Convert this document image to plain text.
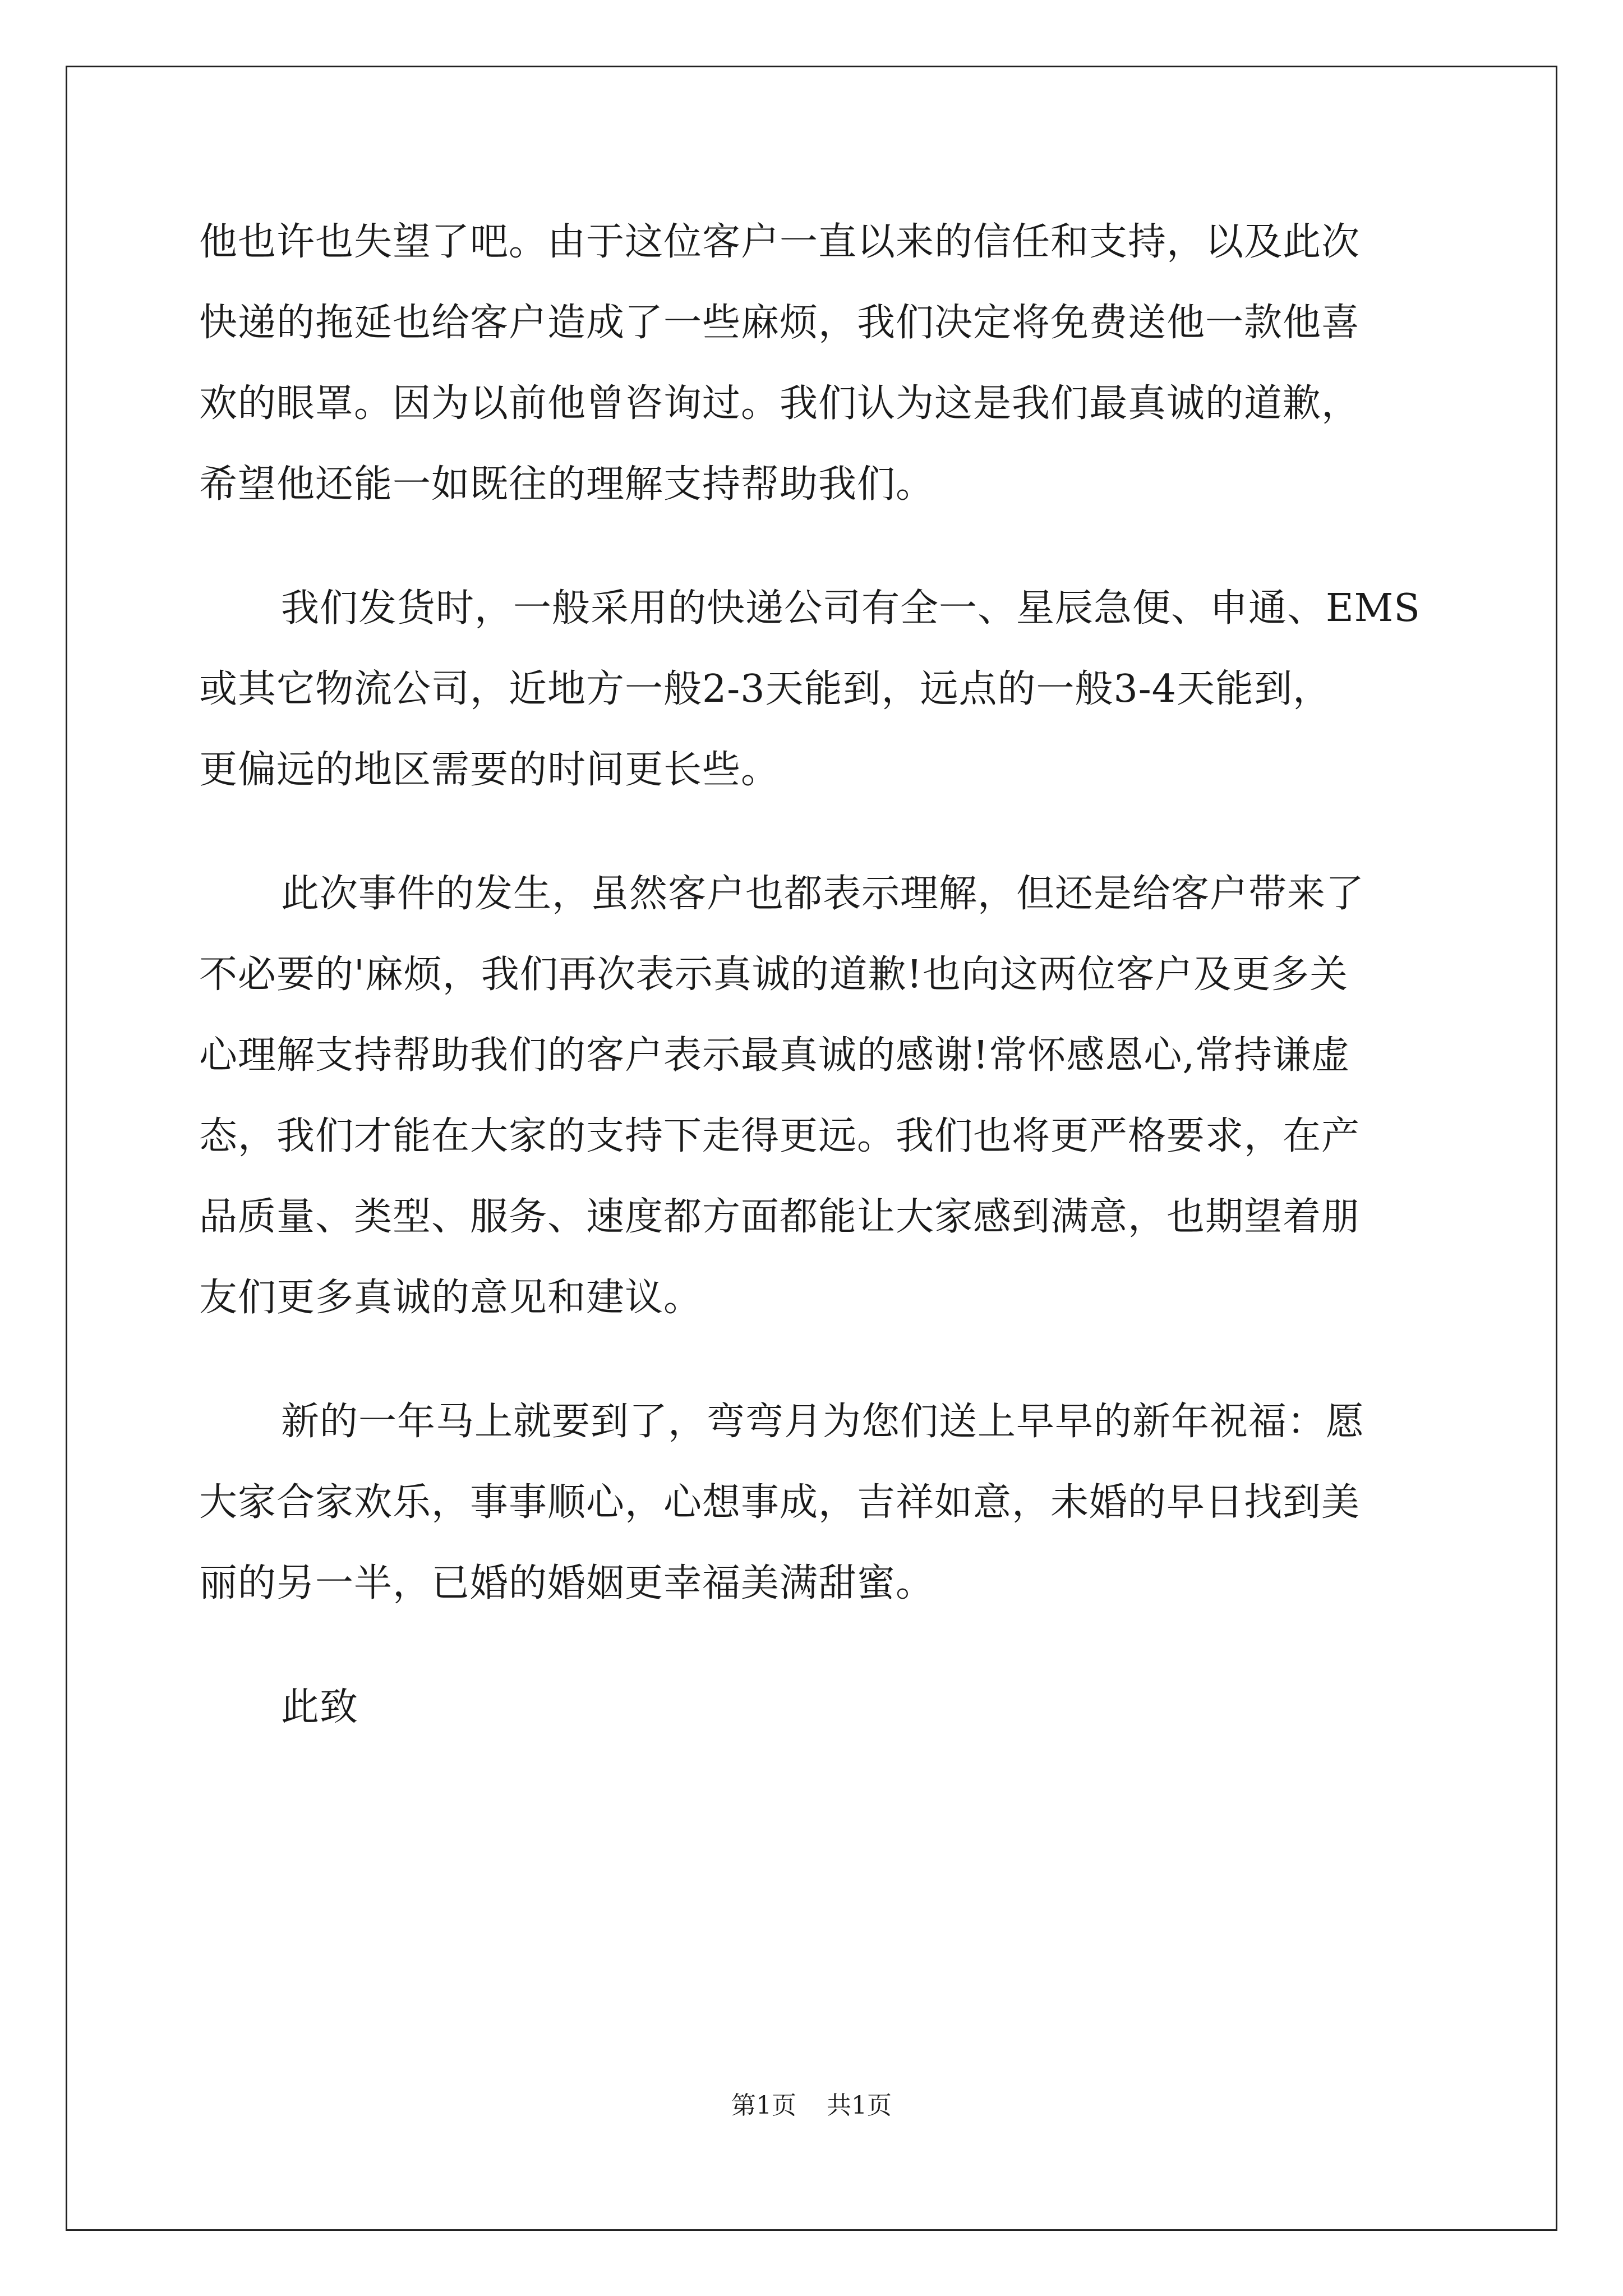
他也许也失望了吧。由于这位客户一直以来的信任和支持，以及此次
快递的拖延也给客户造成了一些麻烦，我们决定将免费送他一款他喜
欢的眼罩。因为以前他曾咨询过。我们认为这是我们最真诚的道歉，
希望他还能一如既往的理解支持帮助我们。
我们发货时，一般采用的快递公司有全一、星辰急便、申通、EMS
或其它物流公司，近地方一般2-3天能到，远点的一般3-4天能到，
更偏远的地区需要的时间更长些。
此次事件的发生，虽然客户也都表示理解，但还是给客户带来了
不必要的'麻烦，我们再次表示真诚的道歉!也向这两位客户及更多关
心理解支持帮助我们的客户表示最真诚的感谢!常怀感恩心,常持谦虚
态，我们才能在大家的支持下走得更远。我们也将更严格要求，在产
品质量、类型、服务、速度都方面都能让大家感到满意，也期望着朋
友们更多真诚的意见和建议。
新的一年马上就要到了，弯弯月为您们送上早早的新年祝福：愿
大家合家欢乐，事事顺心，心想事成，吉祥如意，未婚的早日找到美
丽的另一半，已婚的婚姻更幸福美满甜蜜。
此致
第1页 共1页
